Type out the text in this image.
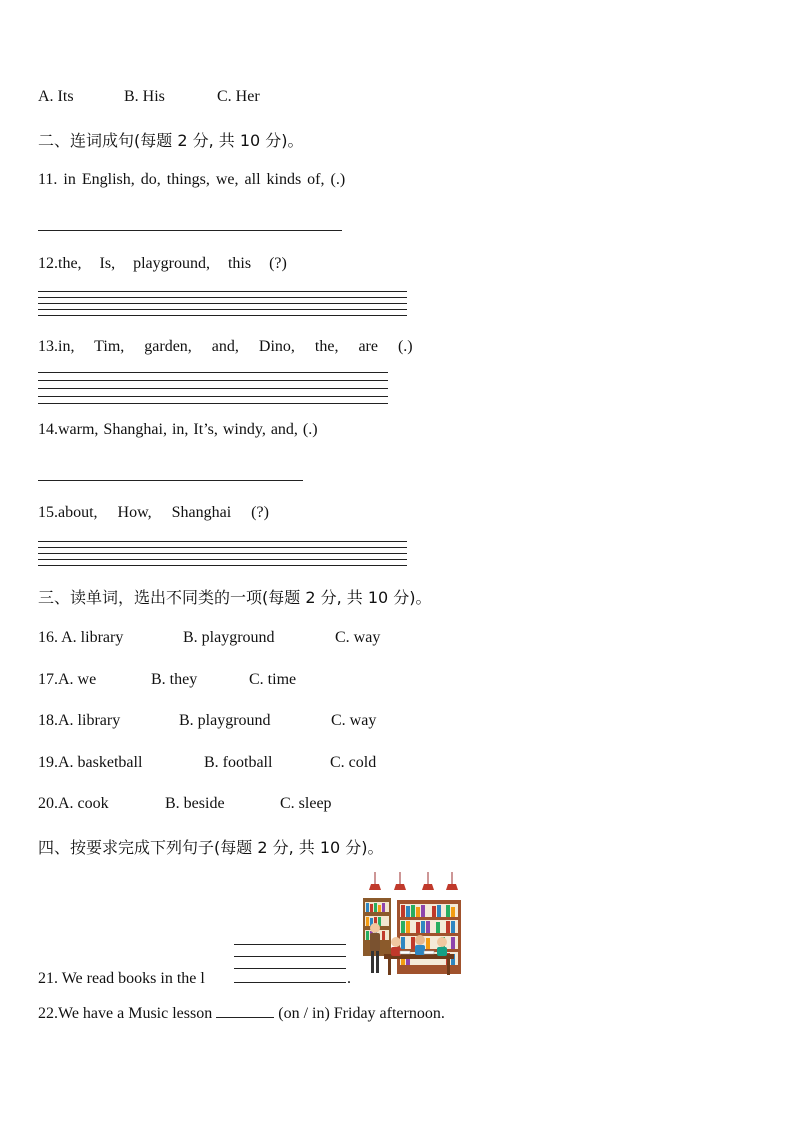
A. Its	B. His	C. Her
二、连词成句(每题 2 分, 共 10 分)。
11. in English, do, things, we, all kinds of, (.)
12.the, Is, playground, this (?)
13.in, Tim, garden, and, Dino, the, are (.)
14.warm, Shanghai, in, It’s, windy, and, (.)
15.about, How, Shanghai (?)
三、读单词，选出不同类的一项(每题 2 分, 共 10 分)。
16. A. library	B. playground	C. way
17.A. we	B. they	C. time
18.A. library	B. playground	C. way
19.A. basketball	B. football	C. cold
20.A. cook	B. beside	C. sleep
四、按要求完成下列句子(每题 2 分, 共 10 分)。
21. We read books in the l	.
22.We have a Music lesson	(on / in) Friday afternoon.
